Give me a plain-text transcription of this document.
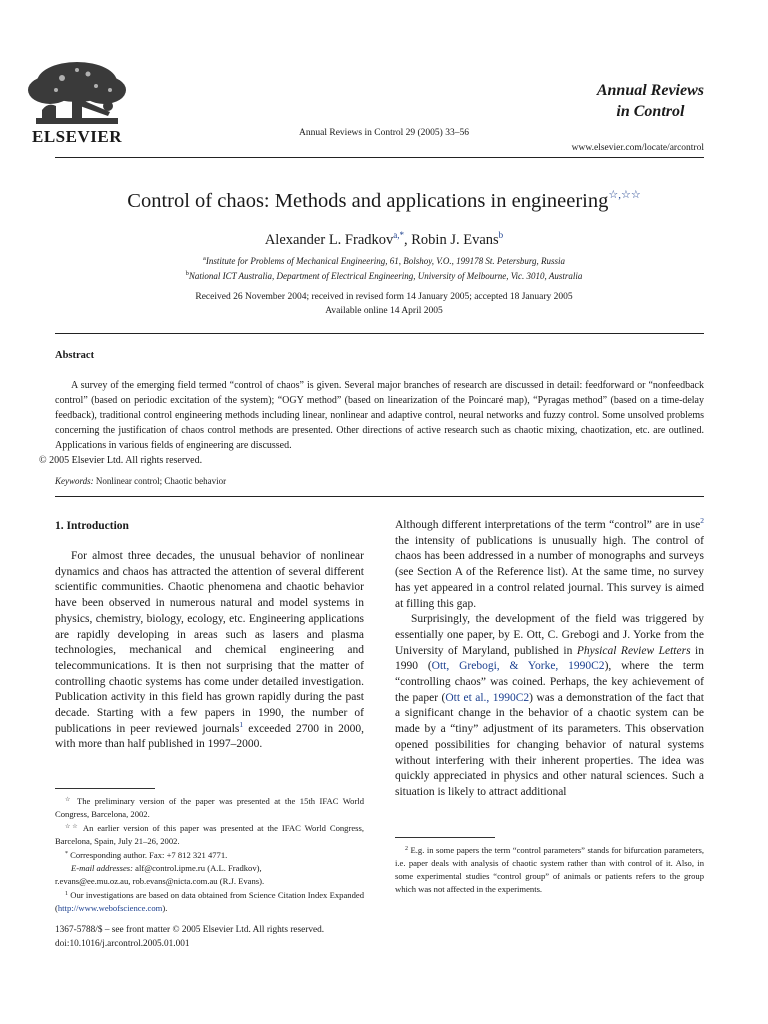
ELSEVIER	Annual Reviews in Control 29 (2005) 33–56
Annual Reviews
in Control
www.elsevier.com/locate/arcontrol
Control of chaos: Methods and applications in engineering☆,☆☆
Alexander L. Fradkov$^{a,*}$, Robin J. Evans$^b$
$^a$Institute for Problems of Mechanical Engineering, 61, Bolshoy, V.O., 199178 St. Petersburg, Russia
$^b$National ICT Australia, Department of Electrical Engineering, University of Melbourne, Vic. 3010, Australia
Received 26 November 2004; received in revised form 14 January 2005; accepted 18 January 2005
Available online 14 April 2005
Abstract
A survey of the emerging field termed “control of chaos” is given. Several major branches of research are discussed in detail: feedforward or “nonfeedback control” (based on periodic excitation of the system); “OGY method” (based on linearization of the Poincaré map), “Pyragas method” (based on a time-delay feedback), traditional control engineering methods including linear, nonlinear and adaptive control, neural networks and fuzzy control. Some unsolved problems concerning the justification of chaos control methods are presented. Other directions of active research such as chaotic mixing, chaotization, etc. are outlined. Applications in various fields of engineering are discussed.
© 2005 Elsevier Ltd. All rights reserved.
Keywords: Nonlinear control; Chaotic behavior
1. Introduction

For almost three decades, the unusual behavior of nonlinear dynamics and chaos has attracted the attention of several different scientific communities. Chaotic phenomena and chaotic behavior have been observed in numerous natural and model systems in physics, chemistry, biology, ecology, etc. Engineering applications are rapidly developing in areas such as lasers and plasma technologies, mechanical and chemical engineering and telecommunications. It is then not surprising that the matter of controlling chaotic systems has come under detailed investigation. Publication activity in this field has grown rapidly during the past decade. Starting with a few papers in 1990, the number of publications in peer reviewed journals$^1$ exceeded 2700 in 2000, with more than half published in 1997–2000.

☆ The preliminary version of the paper was presented at the 15th IFAC World Congress, Barcelona, 2002.
☆☆ An earlier version of this paper was presented at the IFAC World Congress, Barcelona, Spain, July 21–26, 2002.
* Corresponding author. Fax: +7 812 321 4771.
E-mail addresses: alf@control.ipme.ru (A.L. Fradkov),
r.evans@ee.mu.oz.au, rob.evans@nicta.com.au (R.J. Evans).
$^1$ Our investigations are based on data obtained from Science Citation Index Expanded (http://www.webofscience.com).

Although different interpretations of the term “control” are in use$^2$ the intensity of publications is unusually high. The control of chaos has been addressed in a number of monographs and surveys (see Section A of the Reference list). At the same time, no survey has yet appeared in a control related journal. This survey is aimed at filling this gap.

Surprisingly, the development of the field was triggered by essentially one paper, by E. Ott, C. Grebogi and J. Yorke from the University of Maryland, published in Physical Review Letters in 1990 (Ott, Grebogi, & Yorke, 1990C2), where the term “controlling chaos” was coined. Perhaps, the key achievement of the paper (Ott et al., 1990C2) was a demonstration of the fact that a significant change in the behavior of a chaotic system can be made by a “tiny” adjustment of its parameters. This observation opened possibilities for changing behavior of natural systems without interfering with their inherent properties. The idea was quickly appreciated in physics and other natural sciences. Such a situation is likely to attract additional

$^2$ E.g. in some papers the term “control parameters” stands for bifurcation parameters, i.e. paper deals with analysis of chaotic system rather than with control of it. Also, in some experimental studies “control group” of animals or patients refers to the group which was not affected in the experiments.
1367-5788/$ – see front matter © 2005 Elsevier Ltd. All rights reserved.
doi:10.1016/j.arcontrol.2005.01.001
